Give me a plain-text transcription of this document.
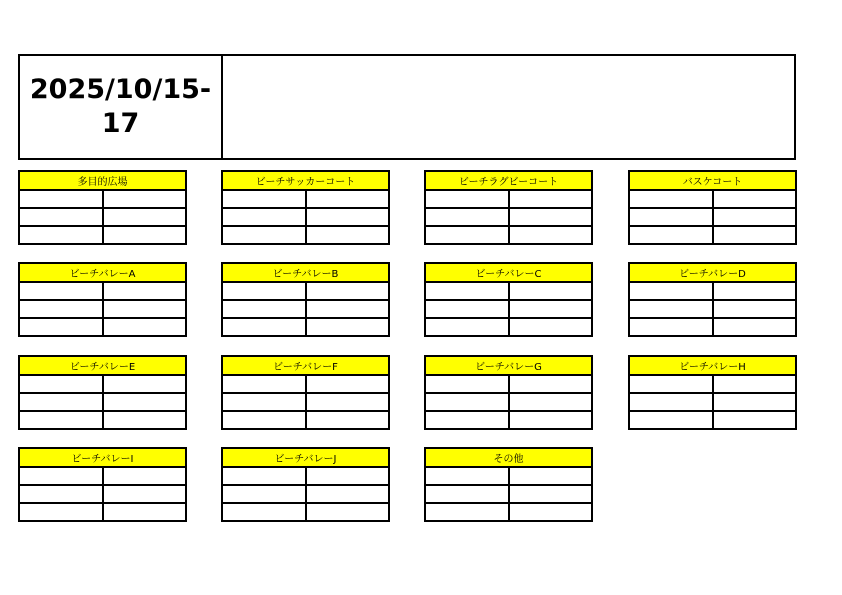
2025/10/15-17
多目的広場	ビーチサッカーコート	ビーチラグビーコート	バスケコート
ビーチバレーA	ビーチバレーB	ビーチバレーC	ビーチバレーD
ビーチバレーE	ビーチバレーF	ビーチバレーG	ビーチバレーH
ビーチバレーI	ビーチバレーJ	その他
